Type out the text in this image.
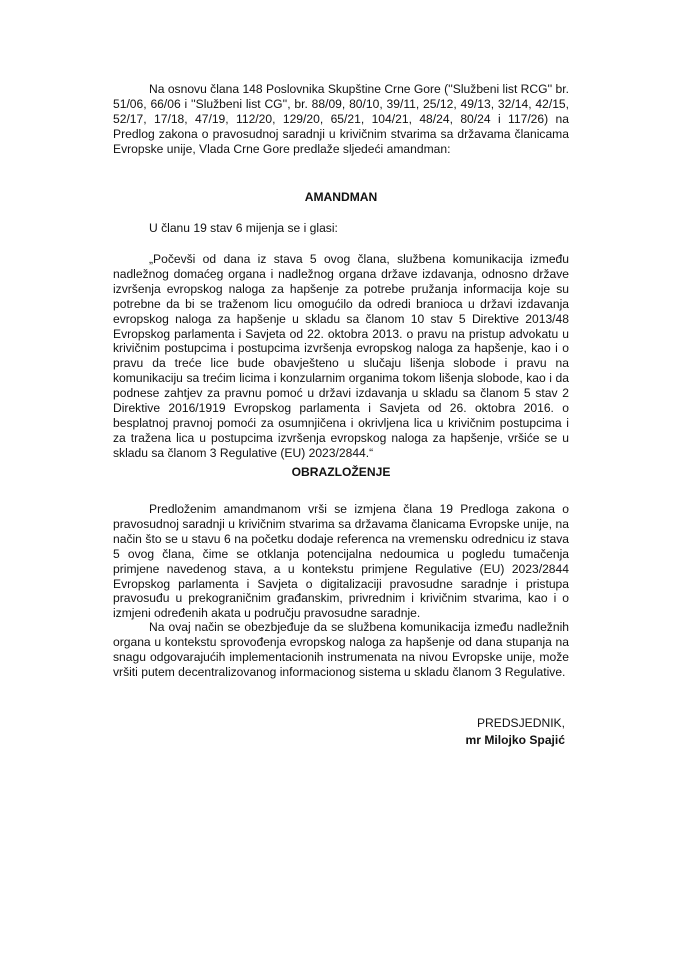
Na osnovu člana 148 Poslovnika Skupštine Crne Gore (''Službeni list RCG'' br. 51/06, 66/06 i ''Službeni list CG'', br. 88/09, 80/10, 39/11, 25/12, 49/13, 32/14, 42/15, 52/17, 17/18, 47/19, 112/20, 129/20, 65/21, 104/21, 48/24, 80/24 i 117/26) na Predlog zakona o pravosudnoj saradnji u krivičnim stvarima sa državama članicama Evropske unije, Vlada Crne Gore predlaže sljedeći amandman:
AMANDMAN
U članu 19 stav 6 mijenja se i glasi:
„Počevši od dana iz stava 5 ovog člana, službena komunikacija između nadležnog domaćeg organa i nadležnog organa države izdavanja, odnosno države izvršenja evropskog naloga za hapšenje za potrebe pružanja informacija koje su potrebne da bi se traženom licu omogućilo da odredi branioca u državi izdavanja evropskog naloga za hapšenje u skladu sa članom 10 stav 5 Direktive 2013/48 Evropskog parlamenta i Savjeta od 22. oktobra 2013. o pravu na pristup advokatu u krivičnim postupcima i postupcima izvršenja evropskog naloga za hapšenje, kao i o pravu da treće lice bude obavješteno u slučaju lišenja slobode i pravu na komunikaciju sa trećim licima i konzularnim organima tokom lišenja slobode, kao i da podnese zahtjev za pravnu pomoć u državi izdavanja u skladu sa članom 5 stav 2 Direktive 2016/1919 Evropskog parlamenta i Savjeta od 26. oktobra 2016. o besplatnoj pravnoj pomoći za osumnjičena i okrivljena lica u krivičnim postupcima i za tražena lica u postupcima izvršenja evropskog naloga za hapšenje, vršiće se u skladu sa članom 3 Regulative (EU) 2023/2844.“
OBRAZLOŽENJE
Predloženim amandmanom vrši se izmjena člana 19 Predloga zakona o pravosudnoj saradnji u krivičnim stvarima sa državama članicama Evropske unije, na način što se u stavu 6 na početku dodaje referenca na vremensku odrednicu iz stava 5 ovog člana, čime se otklanja potencijalna nedoumica u pogledu tumačenja primjene navedenog stava, a u kontekstu primjene Regulative (EU) 2023/2844 Evropskog parlamenta i Savjeta o digitalizaciji pravosudne saradnje i pristupa pravosuđu u prekograničnim građanskim, privrednim i krivičnim stvarima, kao i o izmjeni određenih akata u području pravosudne saradnje.
Na ovaj način se obezbjeđuje da se službena komunikacija između nadležnih organa u kontekstu sprovođenja evropskog naloga za hapšenje od dana stupanja na snagu odgovarajućih implementacionih instrumenata na nivou Evropske unije, može vršiti putem decentralizovanog informacionog sistema u skladu članom 3 Regulative.
PREDSJEDNIK,
mr Milojko Spajić
